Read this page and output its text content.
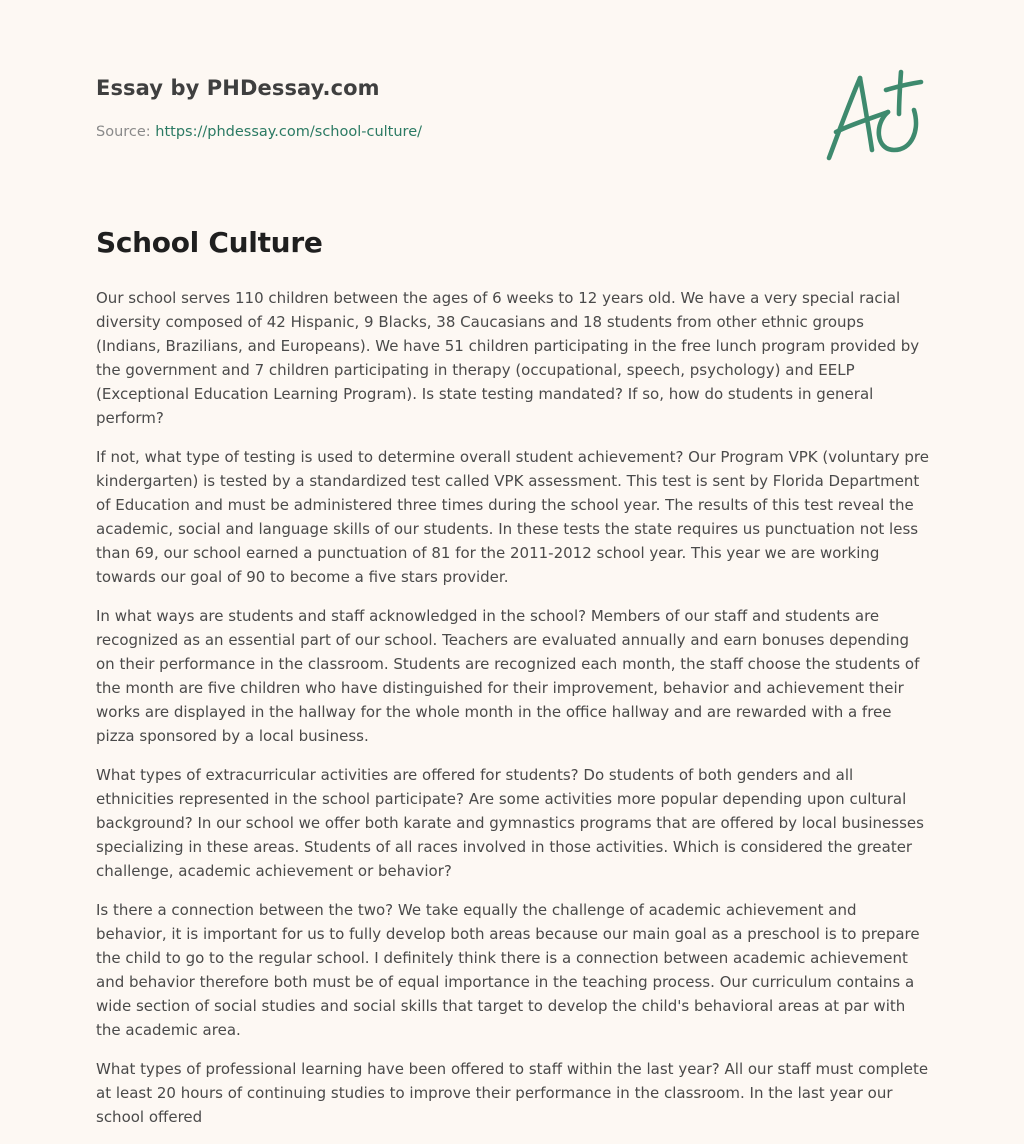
Essay by PHDessay.com
Source: https://phdessay.com/school-culture/
School Culture

Our school serves 110 children between the ages of 6 weeks to 12 years old. We have a very special racial diversity composed of 42 Hispanic, 9 Blacks, 38 Caucasians and 18 students from other ethnic groups (Indians, Brazilians, and Europeans). We have 51 children participating in the free lunch program provided by the government and 7 children participating in therapy (occupational, speech, psychology) and EELP (Exceptional Education Learning Program). Is state testing mandated? If so, how do students in general perform?

If not, what type of testing is used to determine overall student achievement? Our Program VPK (voluntary pre kindergarten) is tested by a standardized test called VPK assessment. This test is sent by Florida Department of Education and must be administered three times during the school year. The results of this test reveal the academic, social and language skills of our students. In these tests the state requires us punctuation not less than 69, our school earned a punctuation of 81 for the 2011-2012 school year. This year we are working towards our goal of 90 to become a five stars provider.

In what ways are students and staff acknowledged in the school? Members of our staff and students are recognized as an essential part of our school. Teachers are evaluated annually and earn bonuses depending on their performance in the classroom. Students are recognized each month, the staff choose the students of the month are five children who have distinguished for their improvement, behavior and achievement their works are displayed in the hallway for the whole month in the office hallway and are rewarded with a free pizza sponsored by a local business.

What types of extracurricular activities are offered for students? Do students of both genders and all ethnicities represented in the school participate? Are some activities more popular depending upon cultural background? In our school we offer both karate and gymnastics programs that are offered by local businesses specializing in these areas. Students of all races involved in those activities. Which is considered the greater challenge, academic achievement or behavior?

Is there a connection between the two? We take equally the challenge of academic achievement and behavior, it is important for us to fully develop both areas because our main goal as a preschool is to prepare the child to go to the regular school. I definitely think there is a connection between academic achievement and behavior therefore both must be of equal importance in the teaching process. Our curriculum contains a wide section of social studies and social skills that target to develop the child's behavioral areas at par with the academic area.

What types of professional learning have been offered to staff within the last year? All our staff must complete at least 20 hours of continuing studies to improve their performance in the classroom. In the last year our school offered
